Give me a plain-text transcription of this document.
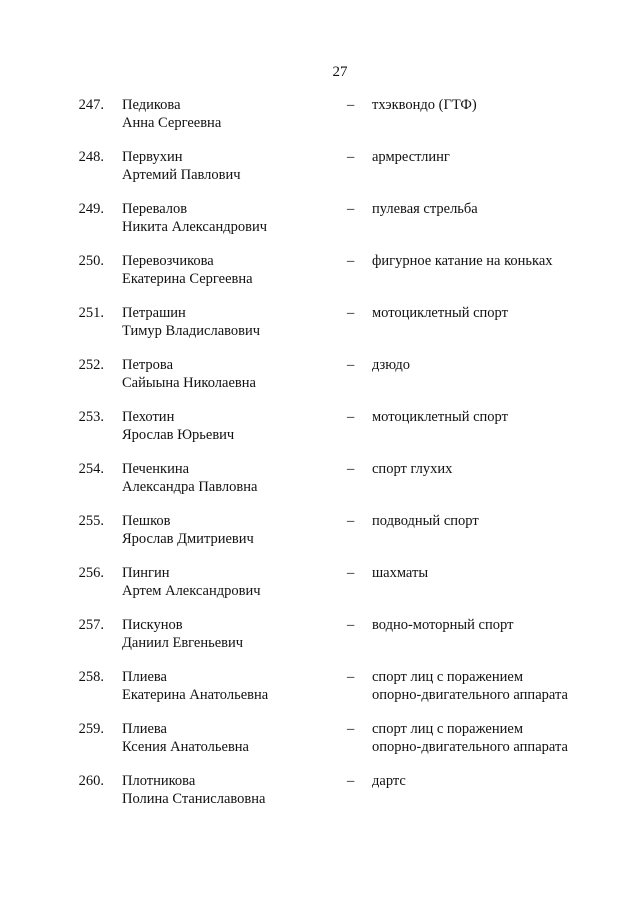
27
247. Педикова
Анна Сергеевна
– тхэквондо (ГТФ)
248. Первухин
Артемий Павлович
– армрестлинг
249. Перевалов
Никита Александрович
– пулевая стрельба
250. Перевозчикова
Екатерина Сергеевна
– фигурное катание на коньках
251. Петрашин
Тимур Владиславович
– мотоциклетный спорт
252. Петрова
Сайыына Николаевна
– дзюдо
253. Пехотин
Ярослав Юрьевич
– мотоциклетный спорт
254. Печенкина
Александра Павловна
– спорт глухих
255. Пешков
Ярослав Дмитриевич
– подводный спорт
256. Пингин
Артем Александрович
– шахматы
257. Пискунов
Даниил Евгеньевич
– водно-моторный спорт
258. Плиева
Екатерина Анатольевна
– спорт лиц с поражением
опорно-двигательного аппарата
259. Плиева
Ксения Анатольевна
– спорт лиц с поражением
опорно-двигательного аппарата
260. Плотникова
Полина Станиславовна
– дартс
